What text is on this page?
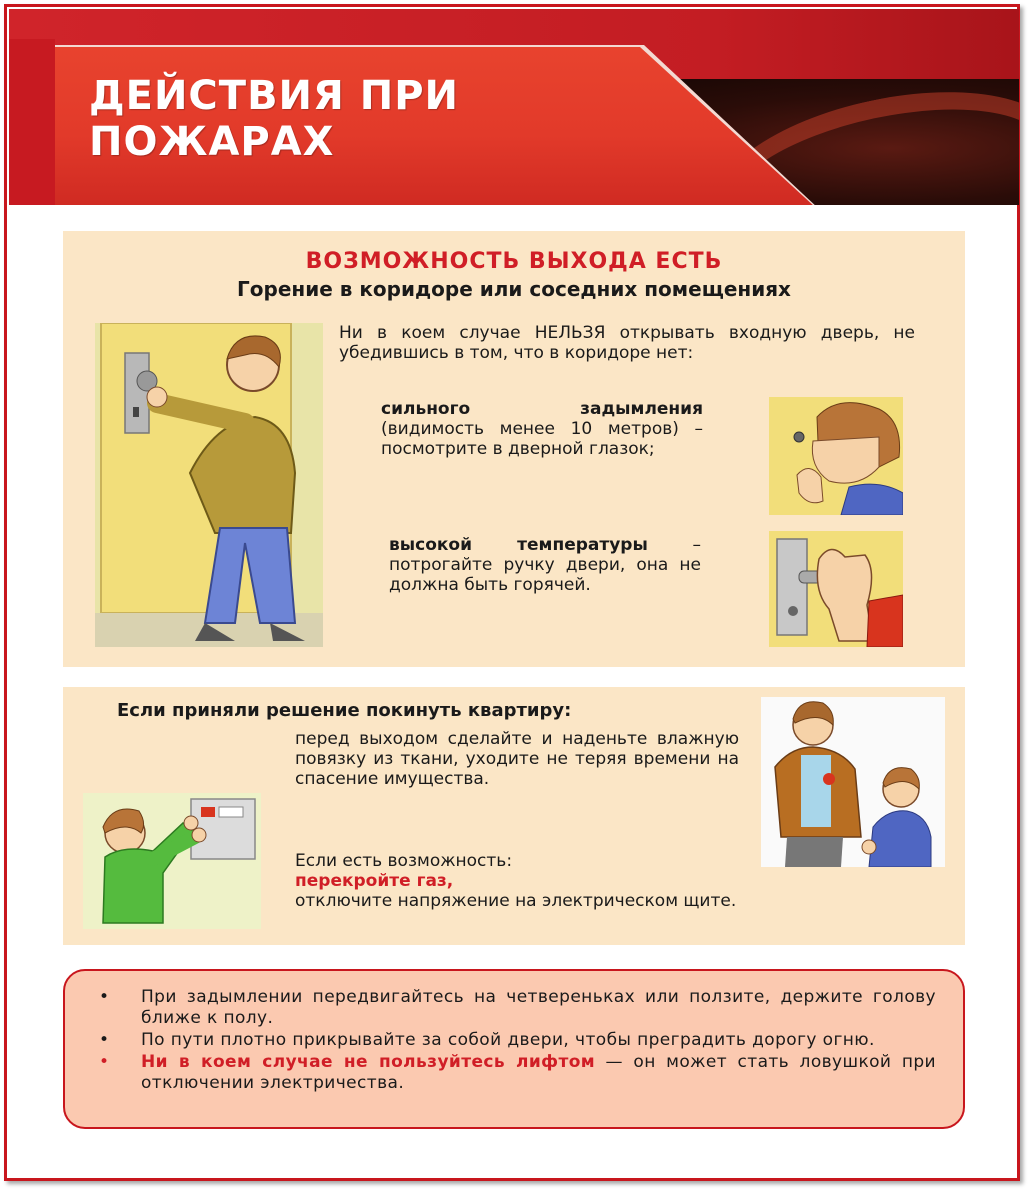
ДЕЙСТВИЯ ПРИ
ПОЖАРАХ
ВОЗМОЖНОСТЬ ВЫХОДА ЕСТЬ
Горение в коридоре или соседних помещениях
Ни в коем случае НЕЛЬЗЯ открывать входную дверь, не убедившись в том, что в коридоре нет:
сильного задымления (видимость менее 10 метров) – посмотрите в дверной глазок;
высокой температуры – потрогайте ручку двери, она не должна быть горячей.
Если приняли решение покинуть квартиру:
перед выходом сделайте и наденьте влажную повязку из ткани, уходите не теряя времени на спасение имущества.
Если есть возможность:
перекройте газ,
отключите напряжение на электрическом щите.
• При задымлении передвигайтесь на четвереньках или ползите, держите голову ближе к полу.
• По пути плотно прикрывайте за собой двери, чтобы преградить дорогу огню.
• Ни в коем случае не пользуйтесь лифтом — он может стать ловушкой при отключении электричества.
